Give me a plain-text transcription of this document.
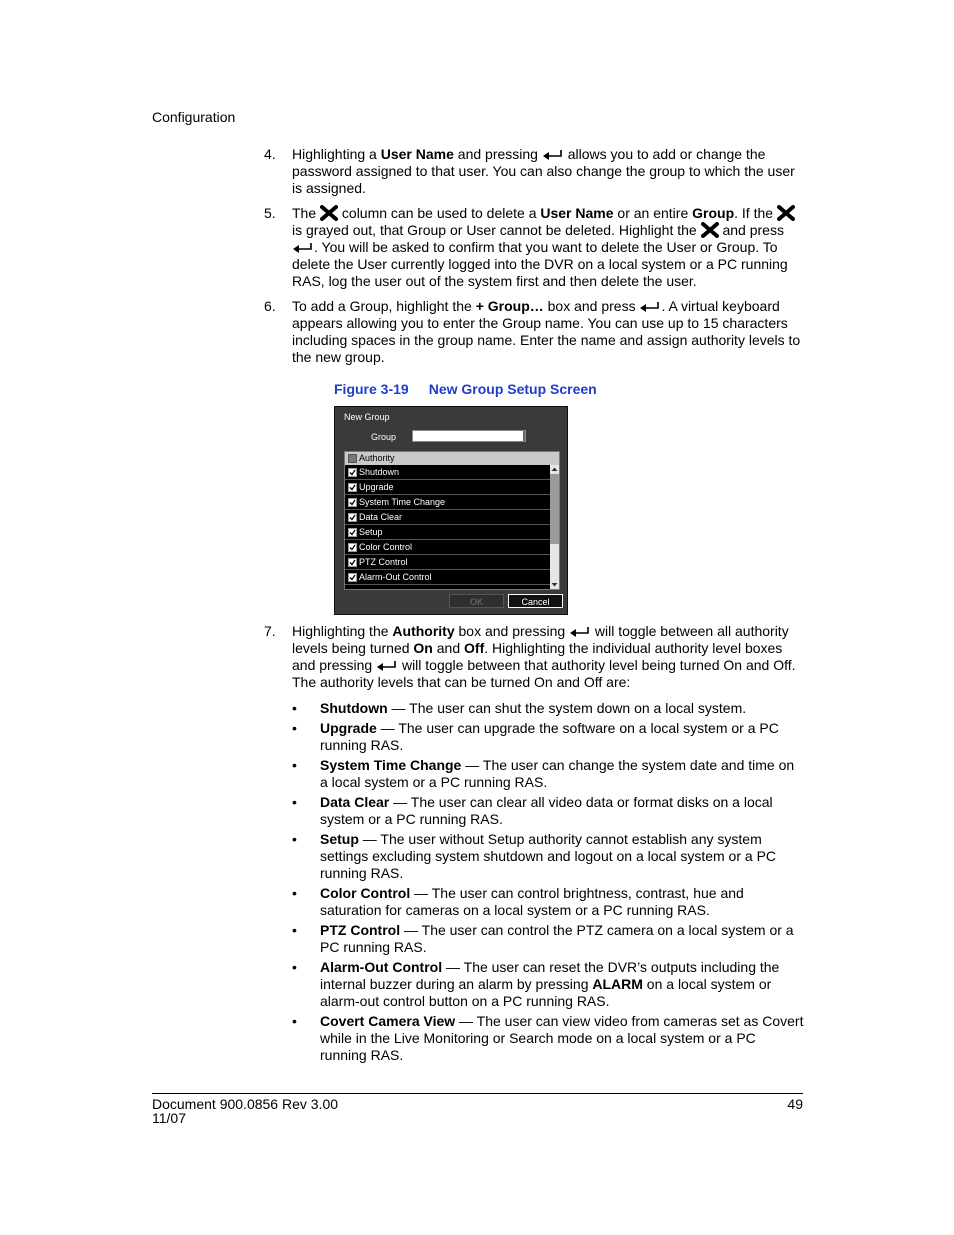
Configuration
4. Highlighting a User Name and pressing  allows you to add or change the password assigned to that user. You can also change the group to which the user is assigned.
5. The  column can be used to delete a User Name or an entire Group. If the  is grayed out, that Group or User cannot be deleted. Highlight the  and press . You will be asked to confirm that you want to delete the User or Group. To delete the User currently logged into the DVR on a local system or a PC running RAS, log the user out of the system first and then delete the user.
6. To add a Group, highlight the + Group… box and press . A virtual keyboard appears allowing you to enter the Group name. You can use up to 15 characters including spaces in the group name. Enter the name and assign authority levels to the new group.
Figure 3-19 New Group Setup Screen
New Group
Group
Authority
Shutdown
Upgrade
System Time Change
Data Clear
Setup
Color Control
PTZ Control
Alarm-Out Control
OK	Cancel
7. Highlighting the Authority box and pressing  will toggle between all authority levels being turned On and Off. Highlighting the individual authority level boxes and pressing  will toggle between that authority level being turned On and Off. The authority levels that can be turned On and Off are:
• Shutdown — The user can shut the system down on a local system.
• Upgrade — The user can upgrade the software on a local system or a PC running RAS.
• System Time Change — The user can change the system date and time on a local system or a PC running RAS.
• Data Clear — The user can clear all video data or format disks on a local system or a PC running RAS.
• Setup — The user without Setup authority cannot establish any system settings excluding system shutdown and logout on a local system or a PC running RAS.
• Color Control — The user can control brightness, contrast, hue and saturation for cameras on a local system or a PC running RAS.
• PTZ Control — The user can control the PTZ camera on a local system or a PC running RAS.
• Alarm-Out Control — The user can reset the DVR’s outputs including the internal buzzer during an alarm by pressing ALARM on a local system or alarm-out control button on a PC running RAS.
• Covert Camera View — The user can view video from cameras set as Covert while in the Live Monitoring or Search mode on a local system or a PC running RAS.
Document 900.0856 Rev 3.00
11/07
49
